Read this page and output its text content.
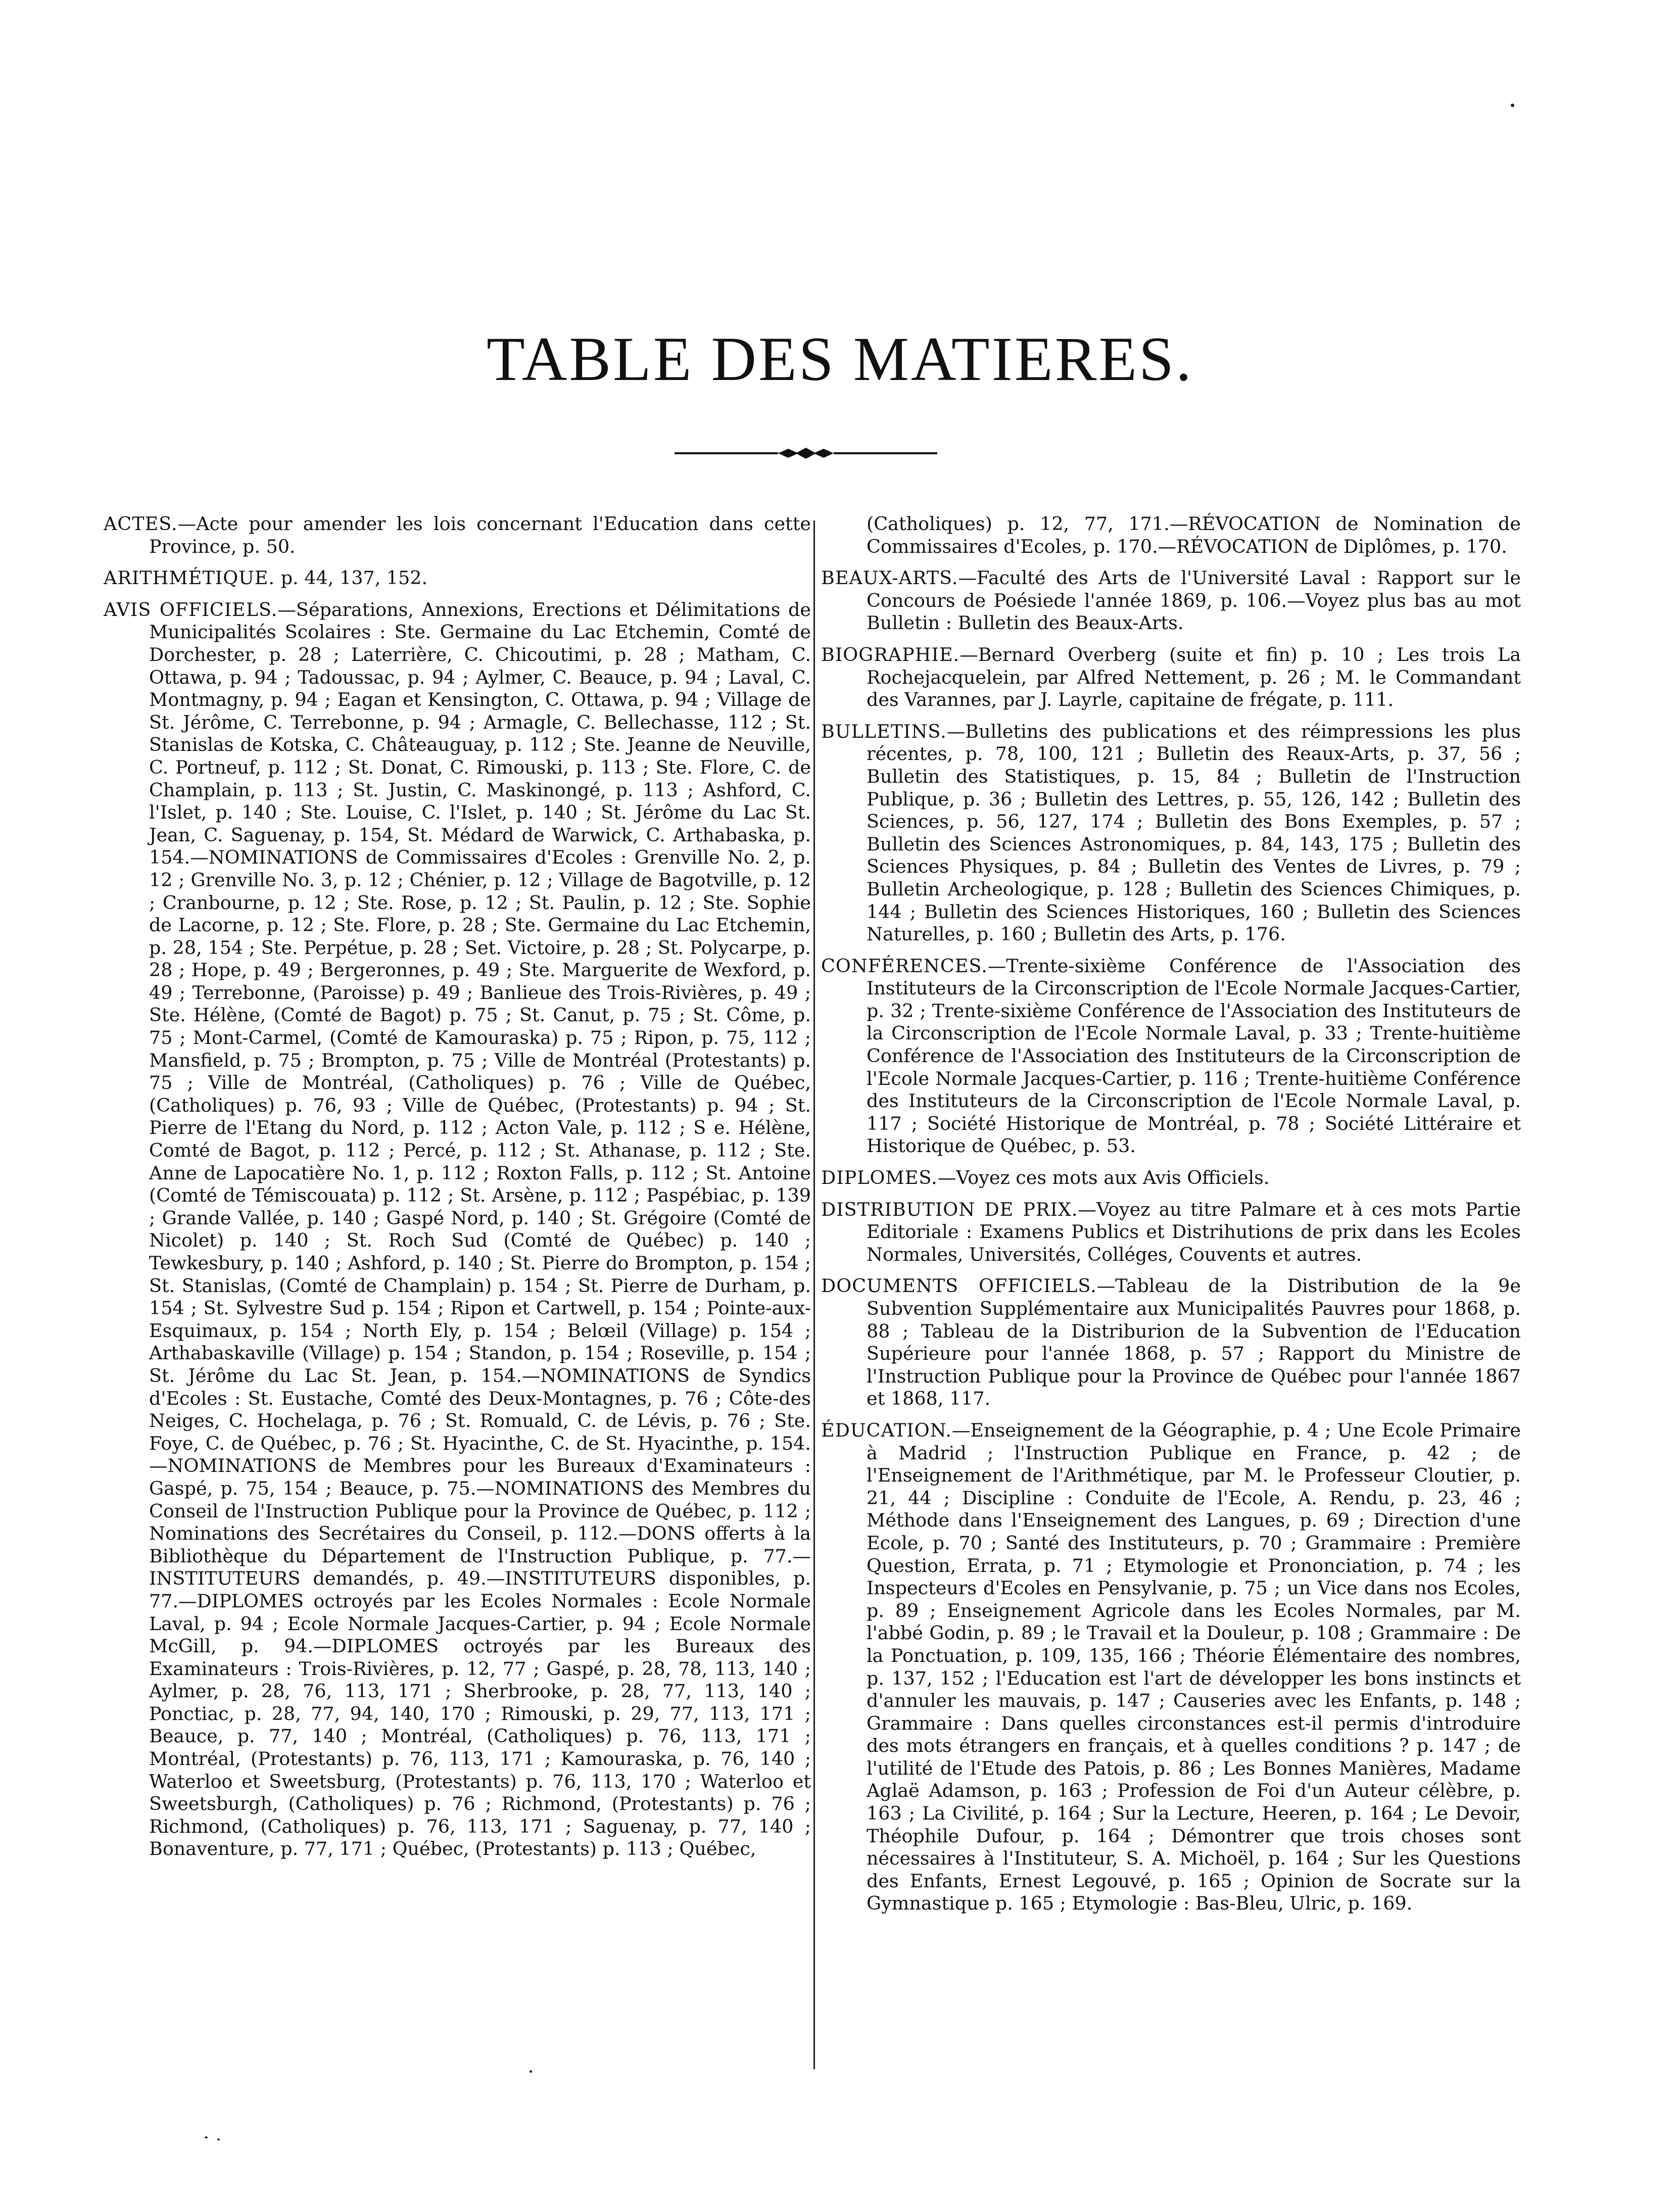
TABLE DES MATIERES.

ACTES.—Acte pour amender les lois concernant l'Education dans cette Province, p. 50.

ARITHMÉTIQUE. p. 44, 137, 152.

AVIS OFFICIELS.—Séparations, Annexions, Erections et Délimitations de Municipalités Scolaires : Ste. Germaine du Lac Etchemin, Comté de Dorchester, p. 28 ; Laterrière, C. Chicoutimi, p. 28 ; Matham, C. Ottawa, p. 94 ; Tadoussac, p. 94 ; Aylmer, C. Beauce, p. 94 ; Laval, C. Montmagny, p. 94 ; Eagan et Kensington, C. Ottawa, p. 94 ; Village de St. Jérôme, C. Terrebonne, p. 94 ; Armagle, C. Bellechasse, 112 ; St. Stanislas de Kotska, C. Châteauguay, p. 112 ; Ste. Jeanne de Neuville, C. Portneuf, p. 112 ; St. Donat, C. Rimouski, p. 113 ; Ste. Flore, C. de Champlain, p. 113 ; St. Justin, C. Maskinongé, p. 113 ; Ashford, C. l'Islet, p. 140 ; Ste. Louise, C. l'Islet, p. 140 ; St. Jérôme du Lac St. Jean, C. Saguenay, p. 154, St. Médard de Warwick, C. Arthabaska, p. 154.—NOMINATIONS de Commissaires d'Ecoles : Grenville No. 2, p. 12 ; Grenville No. 3, p. 12 ; Chénier, p. 12 ; Village de Bagotville, p. 12 ; Cranbourne, p. 12 ; Ste. Rose, p. 12 ; St. Paulin, p. 12 ; Ste. Sophie de Lacorne, p. 12 ; Ste. Flore, p. 28 ; Ste. Germaine du Lac Etchemin, p. 28, 154 ; Ste. Perpétue, p. 28 ; Set. Victoire, p. 28 ; St. Polycarpe, p. 28 ; Hope, p. 49 ; Bergeronnes, p. 49 ; Ste. Marguerite de Wexford, p. 49 ; Terrebonne, (Paroisse) p. 49 ; Banlieue des Trois-Rivières, p. 49 ; Ste. Hélène, (Comté de Bagot) p. 75 ; St. Canut, p. 75 ; St. Côme, p. 75 ; Mont-Carmel, (Comté de Kamouraska) p. 75 ; Ripon, p. 75, 112 ; Mansfield, p. 75 ; Brompton, p. 75 ; Ville de Montréal (Protestants) p. 75 ; Ville de Montréal, (Catholiques) p. 76 ; Ville de Québec, (Catholiques) p. 76, 93 ; Ville de Québec, (Protestants) p. 94 ; St. Pierre de l'Etang du Nord, p. 112 ; Acton Vale, p. 112 ; S e. Hélène, Comté de Bagot, p. 112 ; Percé, p. 112 ; St. Athanase, p. 112 ; Ste. Anne de Lapocatière No. 1, p. 112 ; Roxton Falls, p. 112 ; St. Antoine (Comté de Témiscouata) p. 112 ; St. Arsène, p. 112 ; Paspébiac, p. 139 ; Grande Vallée, p. 140 ; Gaspé Nord, p. 140 ; St. Grégoire (Comté de Nicolet) p. 140 ; St. Roch Sud (Comté de Québec) p. 140 ; Tewkesbury, p. 140 ; Ashford, p. 140 ; St. Pierre do Brompton, p. 154 ; St. Stanislas, (Comté de Champlain) p. 154 ; St. Pierre de Durham, p. 154 ; St. Sylvestre Sud p. 154 ; Ripon et Cartwell, p. 154 ; Pointe-aux-Esquimaux, p. 154 ; North Ely, p. 154 ; Belœil (Village) p. 154 ; Arthabaskaville (Village) p. 154 ; Standon, p. 154 ; Roseville, p. 154 ; St. Jérôme du Lac St. Jean, p. 154.—NOMINATIONS de Syndics d'Ecoles : St. Eustache, Comté des Deux-Montagnes, p. 76 ; Côte-des Neiges, C. Hochelaga, p. 76 ; St. Romuald, C. de Lévis, p. 76 ; Ste. Foye, C. de Québec, p. 76 ; St. Hyacinthe, C. de St. Hyacinthe, p. 154.—NOMINATIONS de Membres pour les Bureaux d'Examinateurs : Gaspé, p. 75, 154 ; Beauce, p. 75.—NOMINATIONS des Membres du Conseil de l'Instruction Publique pour la Province de Québec, p. 112 ; Nominations des Secrétaires du Conseil, p. 112.—DONS offerts à la Bibliothèque du Département de l'Instruction Publique, p. 77.—INSTITUTEURS demandés, p. 49.—INSTITUTEURS disponibles, p. 77.—DIPLOMES octroyés par les Ecoles Normales : Ecole Normale Laval, p. 94 ; Ecole Normale Jacques-Cartier, p. 94 ; Ecole Normale McGill, p. 94.—DIPLOMES octroyés par les Bureaux des Examinateurs : Trois-Rivières, p. 12, 77 ; Gaspé, p. 28, 78, 113, 140 ; Aylmer, p. 28, 76, 113, 171 ; Sherbrooke, p. 28, 77, 113, 140 ; Ponctiac, p. 28, 77, 94, 140, 170 ; Rimouski, p. 29, 77, 113, 171 ; Beauce, p. 77, 140 ; Montréal, (Catholiques) p. 76, 113, 171 ; Montréal, (Protestants) p. 76, 113, 171 ; Kamouraska, p. 76, 140 ; Waterloo et Sweetsburg, (Protestants) p. 76, 113, 170 ; Waterloo et Sweetsburgh, (Catholiques) p. 76 ; Richmond, (Protestants) p. 76 ; Richmond, (Catholiques) p. 76, 113, 171 ; Saguenay, p. 77, 140 ; Bonaventure, p. 77, 171 ; Québec, (Protestants) p. 113 ; Québec,

(Catholiques) p. 12, 77, 171.—RÉVOCATION de Nomination de Commissaires d'Ecoles, p. 170.—RÉVOCATION de Diplômes, p. 170.

BEAUX-ARTS.—Faculté des Arts de l'Université Laval : Rapport sur le Concours de Poésiede l'année 1869, p. 106.—Voyez plus bas au mot Bulletin : Bulletin des Beaux-Arts.

BIOGRAPHIE.—Bernard Overberg (suite et fin) p. 10 ; Les trois La Rochejacquelein, par Alfred Nettement, p. 26 ; M. le Commandant des Varannes, par J. Layrle, capitaine de frégate, p. 111.

BULLETINS.—Bulletins des publications et des réimpressions les plus récentes, p. 78, 100, 121 ; Bulletin des Reaux-Arts, p. 37, 56 ; Bulletin des Statistiques, p. 15, 84 ; Bulletin de l'Instruction Publique, p. 36 ; Bulletin des Lettres, p. 55, 126, 142 ; Bulletin des Sciences, p. 56, 127, 174 ; Bulletin des Bons Exemples, p. 57 ; Bulletin des Sciences Astronomiques, p. 84, 143, 175 ; Bulletin des Sciences Physiques, p. 84 ; Bulletin des Ventes de Livres, p. 79 ; Bulletin Archeologique, p. 128 ; Bulletin des Sciences Chimiques, p. 144 ; Bulletin des Sciences Historiques, 160 ; Bulletin des Sciences Naturelles, p. 160 ; Bulletin des Arts, p. 176.

CONFÉRENCES.—Trente-sixième Conférence de l'Association des Instituteurs de la Circonscription de l'Ecole Normale Jacques-Cartier, p. 32 ; Trente-sixième Conférence de l'Association des Instituteurs de la Circonscription de l'Ecole Normale Laval, p. 33 ; Trente-huitième Conférence de l'Association des Instituteurs de la Circonscription de l'Ecole Normale Jacques-Cartier, p. 116 ; Trente-huitième Conférence des Instituteurs de la Circonscription de l'Ecole Normale Laval, p. 117 ; Société Historique de Montréal, p. 78 ; Société Littéraire et Historique de Québec, p. 53.

DIPLOMES.—Voyez ces mots aux Avis Officiels.

DISTRIBUTION DE PRIX.—Voyez au titre Palmare et à ces mots Partie Editoriale : Examens Publics et Distrihutions de prix dans les Ecoles Normales, Universités, Colléges, Couvents et autres.

DOCUMENTS OFFICIELS.—Tableau de la Distribution de la 9e Subvention Supplémentaire aux Municipalités Pauvres pour 1868, p. 88 ; Tableau de la Distriburion de la Subvention de l'Education Supérieure pour l'année 1868, p. 57 ; Rapport du Ministre de l'Instruction Publique pour la Province de Québec pour l'année 1867 et 1868, 117.

ÉDUCATION.—Enseignement de la Géographie, p. 4 ; Une Ecole Primaire à Madrid ; l'Instruction Publique en France, p. 42 ; de l'Enseignement de l'Arithmétique, par M. le Professeur Cloutier, p. 21, 44 ; Discipline : Conduite de l'Ecole, A. Rendu, p. 23, 46 ; Méthode dans l'Enseignement des Langues, p. 69 ; Direction d'une Ecole, p. 70 ; Santé des Instituteurs, p. 70 ; Grammaire : Première Question, Errata, p. 71 ; Etymologie et Prononciation, p. 74 ; les Inspecteurs d'Ecoles en Pensylvanie, p. 75 ; un Vice dans nos Ecoles, p. 89 ; Enseignement Agricole dans les Ecoles Normales, par M. l'abbé Godin, p. 89 ; le Travail et la Douleur, p. 108 ; Grammaire : De la Ponctuation, p. 109, 135, 166 ; Théorie Élémentaire des nombres, p. 137, 152 ; l'Education est l'art de développer les bons instincts et d'annuler les mauvais, p. 147 ; Causeries avec les Enfants, p. 148 ; Grammaire : Dans quelles circonstances est-il permis d'introduire des mots étrangers en français, et à quelles conditions ? p. 147 ; de l'utilité de l'Etude des Patois, p. 86 ; Les Bonnes Manières, Madame Aglaë Adamson, p. 163 ; Profession de Foi d'un Auteur célèbre, p. 163 ; La Civilité, p. 164 ; Sur la Lecture, Heeren, p. 164 ; Le Devoir, Théophile Dufour, p. 164 ; Démontrer que trois choses sont nécessaires à l'Instituteur, S. A. Michoël, p. 164 ; Sur les Questions des Enfants, Ernest Legouvé, p. 165 ; Opinion de Socrate sur la Gymnastique p. 165 ; Etymologie : Bas-Bleu, Ulric, p. 169.
